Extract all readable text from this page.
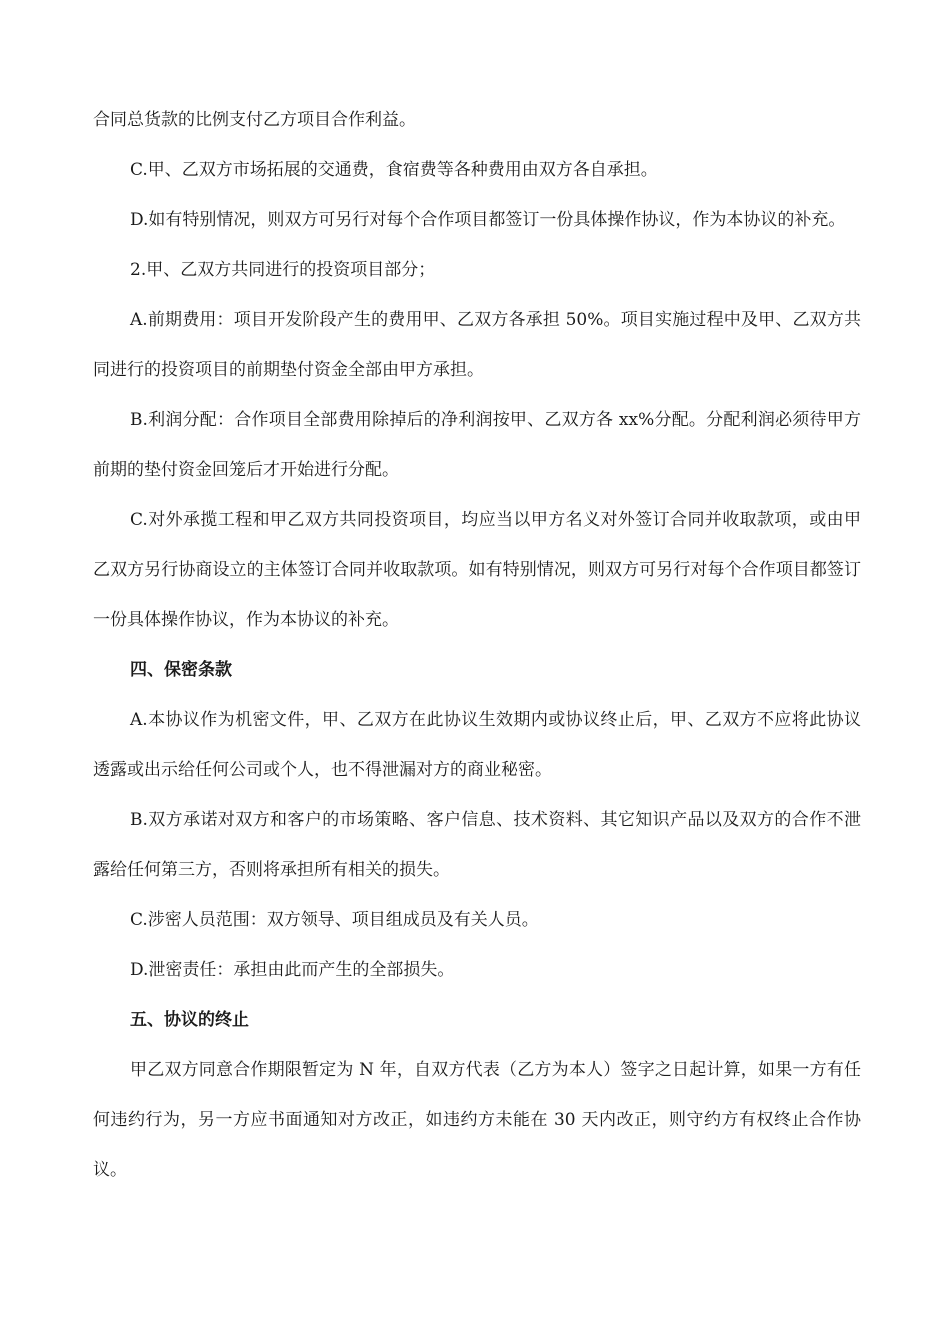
合同总货款的比例支付乙方项目合作利益。

C.甲、乙双方市场拓展的交通费，食宿费等各种费用由双方各自承担。

D.如有特别情况，则双方可另行对每个合作项目都签订一份具体操作协议，作为本协议的补充。

2.甲、乙双方共同进行的投资项目部分；

A.前期费用：项目开发阶段产生的费用甲、乙双方各承担 50%。项目实施过程中及甲、乙双方共同进行的投资项目的前期垫付资金全部由甲方承担。

B.利润分配：合作项目全部费用除掉后的净利润按甲、乙双方各 xx%分配。分配利润必须待甲方前期的垫付资金回笼后才开始进行分配。

C.对外承揽工程和甲乙双方共同投资项目，均应当以甲方名义对外签订合同并收取款项，或由甲乙双方另行协商设立的主体签订合同并收取款项。如有特别情况，则双方可另行对每个合作项目都签订一份具体操作协议，作为本协议的补充。

四、保密条款

A.本协议作为机密文件，甲、乙双方在此协议生效期内或协议终止后，甲、乙双方不应将此协议透露或出示给任何公司或个人，也不得泄漏对方的商业秘密。

B.双方承诺对双方和客户的市场策略、客户信息、技术资料、其它知识产品以及双方的合作不泄露给任何第三方，否则将承担所有相关的损失。

C.涉密人员范围：双方领导、项目组成员及有关人员。

D.泄密责任：承担由此而产生的全部损失。

五、协议的终止

甲乙双方同意合作期限暂定为 N 年，自双方代表（乙方为本人）签字之日起计算，如果一方有任何违约行为，另一方应书面通知对方改正，如违约方未能在 30 天内改正，则守约方有权终止合作协议。
